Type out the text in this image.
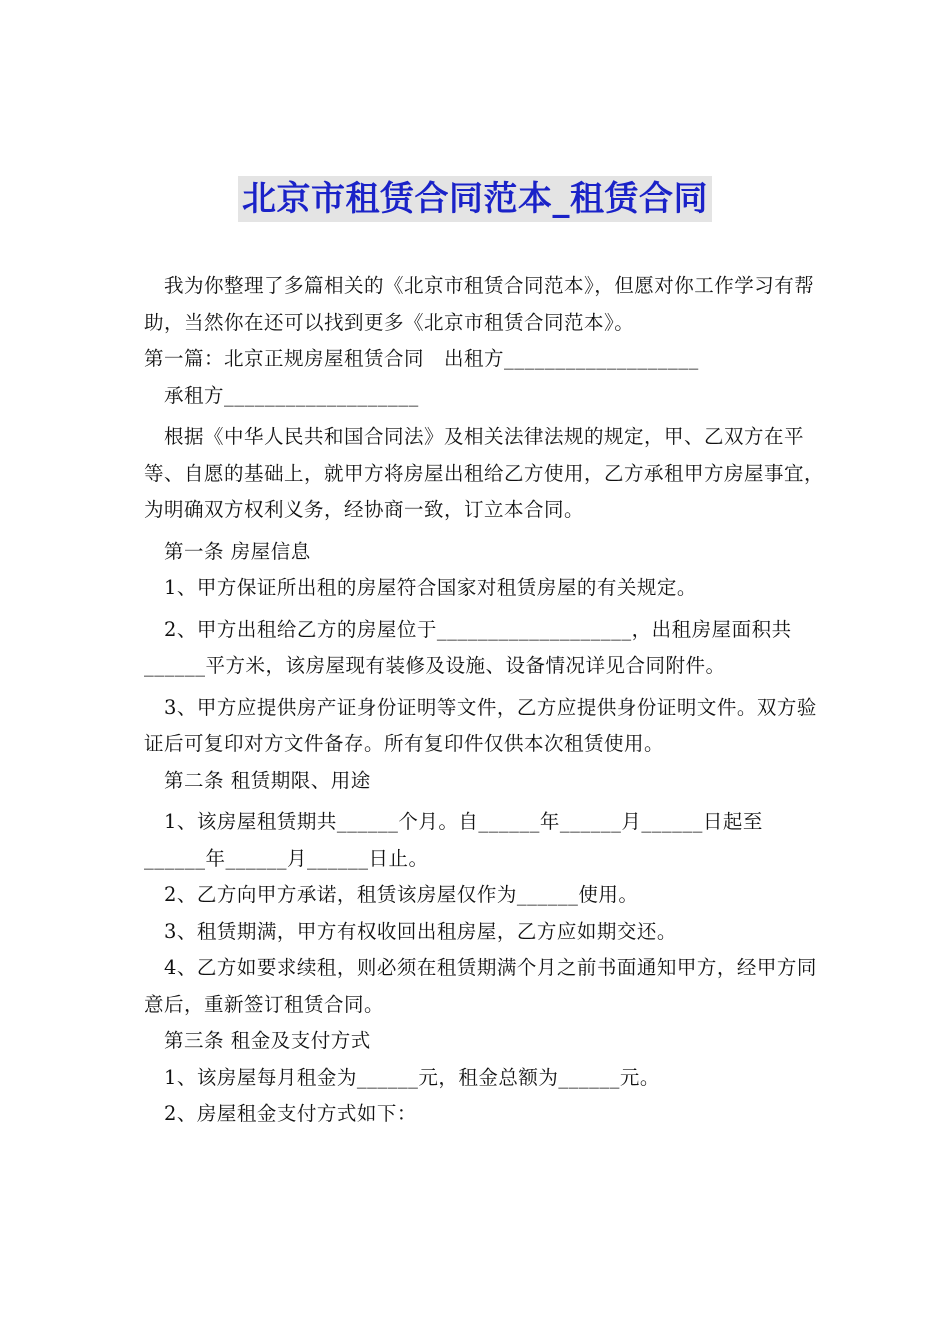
北京市租赁合同范本_租赁合同

我为你整理了多篇相关的《北京市租赁合同范本》，但愿对你工作学习有帮助，当然你在还可以找到更多《北京市租赁合同范本》。

第一篇：北京正规房屋租赁合同　出租方___________________

承租方___________________

根据《中华人民共和国合同法》及相关法律法规的规定，甲、乙双方在平等、自愿的基础上，就甲方将房屋出租给乙方使用，乙方承租甲方房屋事宜，为明确双方权利义务，经协商一致，订立本合同。

第一条 房屋信息

1、甲方保证所出租的房屋符合国家对租赁房屋的有关规定。

2、甲方出租给乙方的房屋位于___________________，出租房屋面积共______平方米，该房屋现有装修及设施、设备情况详见合同附件。

3、甲方应提供房产证身份证明等文件，乙方应提供身份证明文件。双方验证后可复印对方文件备存。所有复印件仅供本次租赁使用。

第二条 租赁期限、用途

1、该房屋租赁期共______个月。自______年______月______日起至______年______月______日止。

2、乙方向甲方承诺，租赁该房屋仅作为______使用。

3、租赁期满，甲方有权收回出租房屋，乙方应如期交还。

4、乙方如要求续租，则必须在租赁期满个月之前书面通知甲方，经甲方同意后，重新签订租赁合同。

第三条 租金及支付方式

1、该房屋每月租金为______元，租金总额为______元。

2、房屋租金支付方式如下：
